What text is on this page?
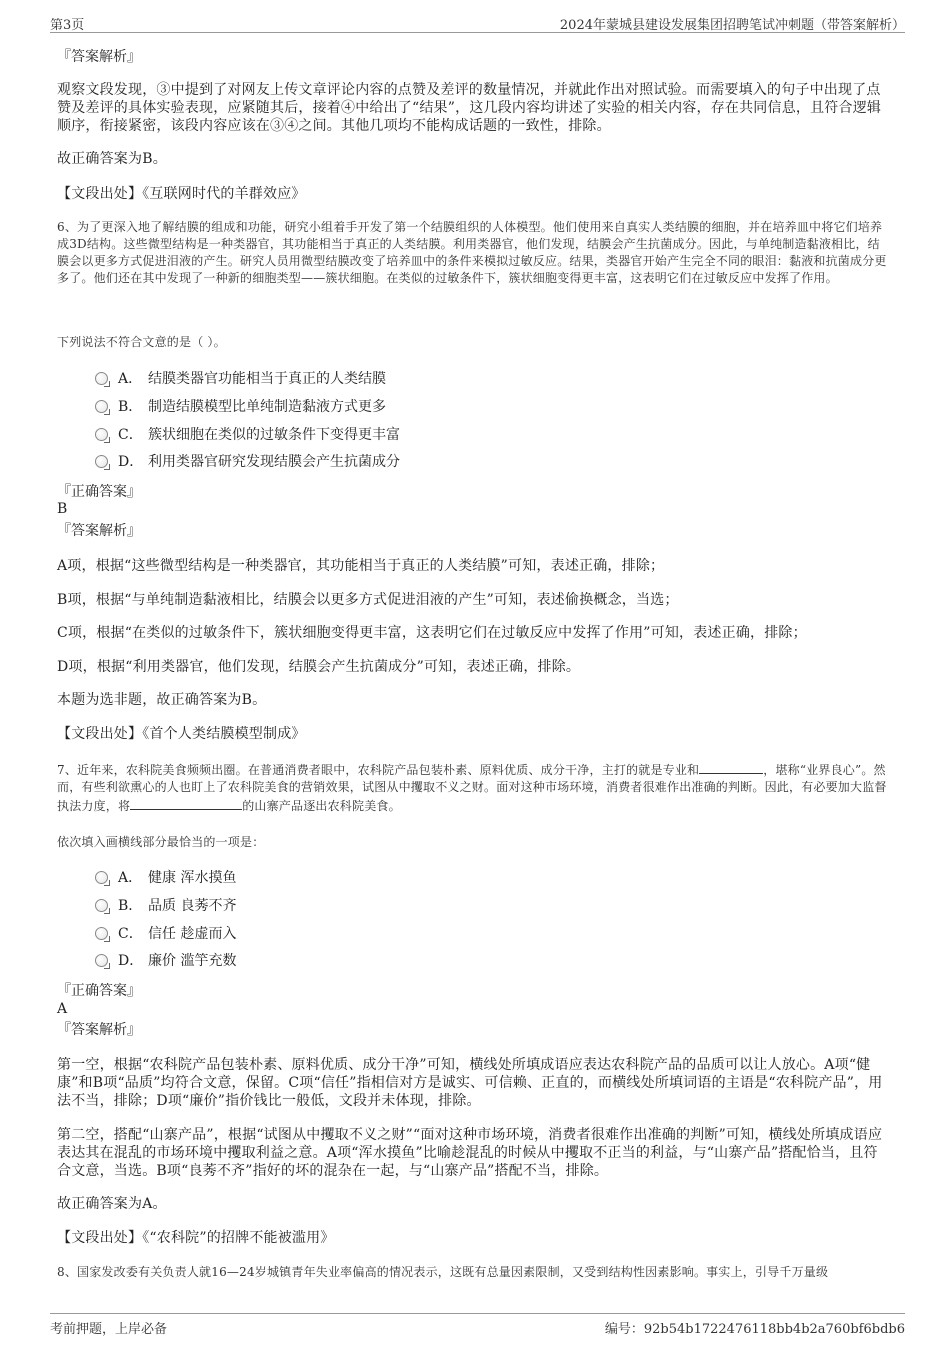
第3页	2024年蒙城县建设发展集团招聘笔试冲刺题（带答案解析）

『答案解析』

观察文段发现，③中提到了对网友上传文章评论内容的点赞及差评的数量情况，并就此作出对照试验。而需要填入的句子中出现了点赞及差评的具体实验表现，应紧随其后，接着④中给出了“结果”，这几段内容均讲述了实验的相关内容，存在共同信息，且符合逻辑顺序，衔接紧密，该段内容应该在③④之间。其他几项均不能构成话题的一致性，排除。

故正确答案为B。

【文段出处】《互联网时代的羊群效应》

6、为了更深入地了解结膜的组成和功能，研究小组着手开发了第一个结膜组织的人体模型。他们使用来自真实人类结膜的细胞，并在培养皿中将它们培养成3D结构。这些微型结构是一种类器官，其功能相当于真正的人类结膜。利用类器官，他们发现，结膜会产生抗菌成分。因此，与单纯制造黏液相比，结膜会以更多方式促进泪液的产生。研究人员用微型结膜改变了培养皿中的条件来模拟过敏反应。结果，类器官开始产生完全不同的眼泪：黏液和抗菌成分更多了。他们还在其中发现了一种新的细胞类型——簇状细胞。在类似的过敏条件下，簇状细胞变得更丰富，这表明它们在过敏反应中发挥了作用。

下列说法不符合文意的是（ ）。

A． 结膜类器官功能相当于真正的人类结膜
B． 制造结膜模型比单纯制造黏液方式更多
C． 簇状细胞在类似的过敏条件下变得更丰富
D． 利用类器官研究发现结膜会产生抗菌成分

『正确答案』

B

『答案解析』

A项，根据“这些微型结构是一种类器官，其功能相当于真正的人类结膜”可知，表述正确，排除；

B项，根据“与单纯制造黏液相比，结膜会以更多方式促进泪液的产生”可知，表述偷换概念，当选；

C项，根据“在类似的过敏条件下，簇状细胞变得更丰富，这表明它们在过敏反应中发挥了作用”可知，表述正确，排除；

D项，根据“利用类器官，他们发现，结膜会产生抗菌成分”可知，表述正确，排除。

本题为选非题，故正确答案为B。

【文段出处】《首个人类结膜模型制成》

7、近年来，农科院美食频频出圈。在普通消费者眼中，农科院产品包装朴素、原料优质、成分干净，主打的就是专业和	，堪称“业界良心”。然而，有些利欲熏心的人也盯上了农科院美食的营销效果，试图从中攫取不义之财。面对这种市场环境，消费者很难作出准确的判断。因此，有必要加大监督执法力度，将	的山寨产品逐出农科院美食。

依次填入画横线部分最恰当的一项是：

A． 健康 浑水摸鱼
B． 品质 良莠不齐
C． 信任 趁虚而入
D． 廉价 滥竽充数

『正确答案』

A

『答案解析』

第一空，根据“农科院产品包装朴素、原料优质、成分干净”可知，横线处所填成语应表达农科院产品的品质可以让人放心。A项“健康”和B项“品质”均符合文意，保留。C项“信任”指相信对方是诚实、可信赖、正直的，而横线处所填词语的主语是“农科院产品”，用法不当，排除；D项“廉价”指价钱比一般低，文段并未体现，排除。

第二空，搭配“山寨产品”，根据“试图从中攫取不义之财”“面对这种市场环境，消费者很难作出准确的判断”可知，横线处所填成语应表达其在混乱的市场环境中攫取利益之意。A项“浑水摸鱼”比喻趁混乱的时候从中攫取不正当的利益，与“山寨产品”搭配恰当，且符合文意，当选。B项“良莠不齐”指好的坏的混杂在一起，与“山寨产品”搭配不当，排除。

故正确答案为A。

【文段出处】《“农科院”的招牌不能被滥用》

8、国家发改委有关负责人就16—24岁城镇青年失业率偏高的情况表示，这既有总量因素限制，又受到结构性因素影响。事实上，引导千万量级

考前押题，上岸必备	编号：92b54b1722476118bb4b2a760bf6bdb6
